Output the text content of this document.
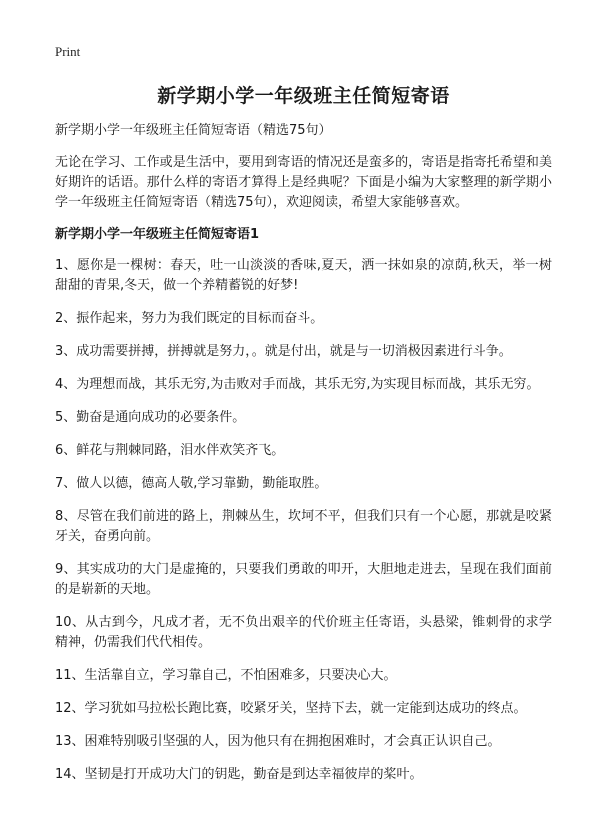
Print
新学期小学一年级班主任简短寄语
新学期小学一年级班主任简短寄语（精选75句）

无论在学习、工作或是生活中，要用到寄语的情况还是蛮多的，寄语是指寄托希望和美好期许的话语。那什么样的寄语才算得上是经典呢？下面是小编为大家整理的新学期小学一年级班主任简短寄语（精选75句），欢迎阅读，希望大家能够喜欢。

新学期小学一年级班主任简短寄语1
1、愿你是一棵树：春天，吐一山淡淡的香味,夏天，洒一抹如泉的凉荫,秋天，举一树甜甜的青果,冬天，做一个养精蓄锐的好梦!
2、振作起来，努力为我们既定的目标而奋斗。
3、成功需要拼搏，拼搏就是努力，。就是付出，就是与一切消极因素进行斗争。
4、为理想而战，其乐无穷,为击败对手而战，其乐无穷,为实现目标而战，其乐无穷。
5、勤奋是通向成功的必要条件。
6、鲜花与荆棘同路，泪水伴欢笑齐飞。
7、做人以德，德高人敬,学习靠勤，勤能取胜。
8、尽管在我们前进的路上，荆棘丛生，坎坷不平，但我们只有一个心愿，那就是咬紧牙关，奋勇向前。
9、其实成功的大门是虚掩的，只要我们勇敢的叩开，大胆地走进去，呈现在我们面前的是崭新的天地。
10、从古到今，凡成才者，无不负出艰辛的代价班主任寄语，头悬梁，锥刺骨的求学精神，仍需我们代代相传。
11、生活靠自立，学习靠自己，不怕困难多，只要决心大。
12、学习犹如马拉松长跑比赛，咬紧牙关，坚持下去，就一定能到达成功的终点。
13、困难特别吸引坚强的人，因为他只有在拥抱困难时，才会真正认识自己。
14、坚韧是打开成功大门的钥匙，勤奋是到达幸福彼岸的桨叶。
